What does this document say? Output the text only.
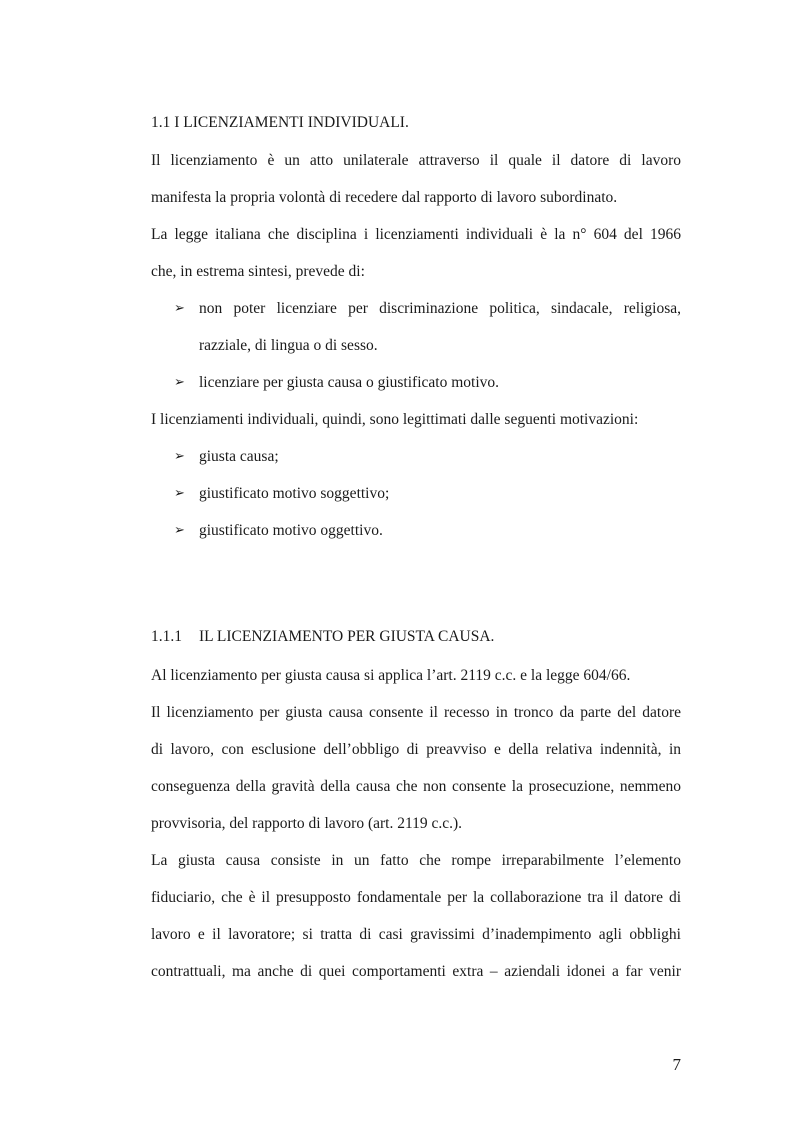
1.1 I LICENZIAMENTI INDIVIDUALI.
Il licenziamento è un atto unilaterale attraverso il quale il datore di lavoro
manifesta la propria volontà di recedere dal rapporto di lavoro subordinato.
La legge italiana che disciplina i licenziamenti individuali è la n° 604 del 1966
che, in estrema sintesi, prevede di:
➢ non poter licenziare per discriminazione politica, sindacale, religiosa,
razziale, di lingua o di sesso.
➢ licenziare per giusta causa o giustificato motivo.
I licenziamenti individuali, quindi, sono legittimati dalle seguenti motivazioni:
➢ giusta causa;
➢ giustificato motivo soggettivo;
➢ giustificato motivo oggettivo.
1.1.1 IL LICENZIAMENTO PER GIUSTA CAUSA.
Al licenziamento per giusta causa si applica l’art. 2119 c.c. e la legge 604/66.
Il licenziamento per giusta causa consente il recesso in tronco da parte del datore
di lavoro, con esclusione dell’obbligo di preavviso e della relativa indennità, in
conseguenza della gravità della causa che non consente la prosecuzione, nemmeno
provvisoria, del rapporto di lavoro (art. 2119 c.c.).
La giusta causa consiste in un fatto che rompe irreparabilmente l’elemento
fiduciario, che è il presupposto fondamentale per la collaborazione tra il datore di
lavoro e il lavoratore; si tratta di casi gravissimi d’inadempimento agli obblighi
contrattuali, ma anche di quei comportamenti extra – aziendali idonei a far venir
7
